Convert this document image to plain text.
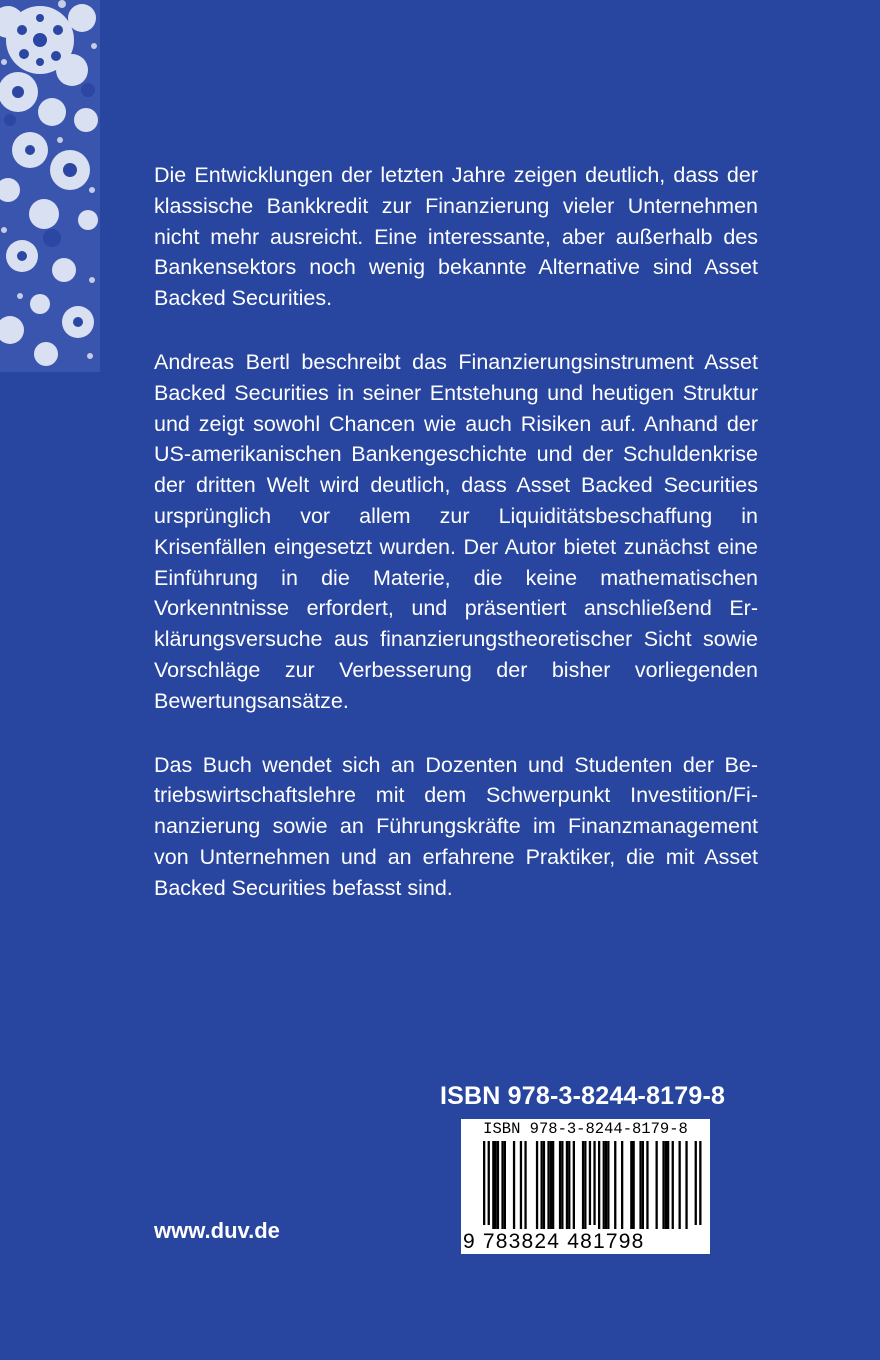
Die Entwicklungen der letzten Jahre zeigen deutlich, dass der klassische Bankkredit zur Finanzierung vieler Unternehmen nicht mehr ausreicht. Eine interessante, aber außerhalb des Bankensektors noch wenig bekannte Alternative sind Asset Backed Securities.

Andreas Bertl beschreibt das Finanzierungsinstrument Asset Backed Securities in seiner Entstehung und heutigen Struktur und zeigt sowohl Chancen wie auch Risiken auf. Anhand der US-amerikanischen Bankengeschichte und der Schuldenkrise der dritten Welt wird deutlich, dass Asset Backed Securities ursprünglich vor allem zur Liquiditätsbeschaffung in Krisenfällen eingesetzt wurden. Der Autor bietet zunächst eine Einführung in die Materie, die keine mathematischen Vorkenntnisse erfordert, und präsentiert anschließend Erklärungsversuche aus finanzierungstheoretischer Sicht sowie Vorschläge zur Verbesserung der bisher vorliegenden Bewertungsansätze.

Das Buch wendet sich an Dozenten und Studenten der Betriebswirtschaftslehre mit dem Schwerpunkt Investition/Finanzierung sowie an Führungskräfte im Finanzmanagement von Unternehmen und an erfahrene Praktiker, die mit Asset Backed Securities befasst sind.

ISBN 978-3-8244-8179-8
ISBN 978-3-8244-8179-8
9 783824 481798
www.duv.de
